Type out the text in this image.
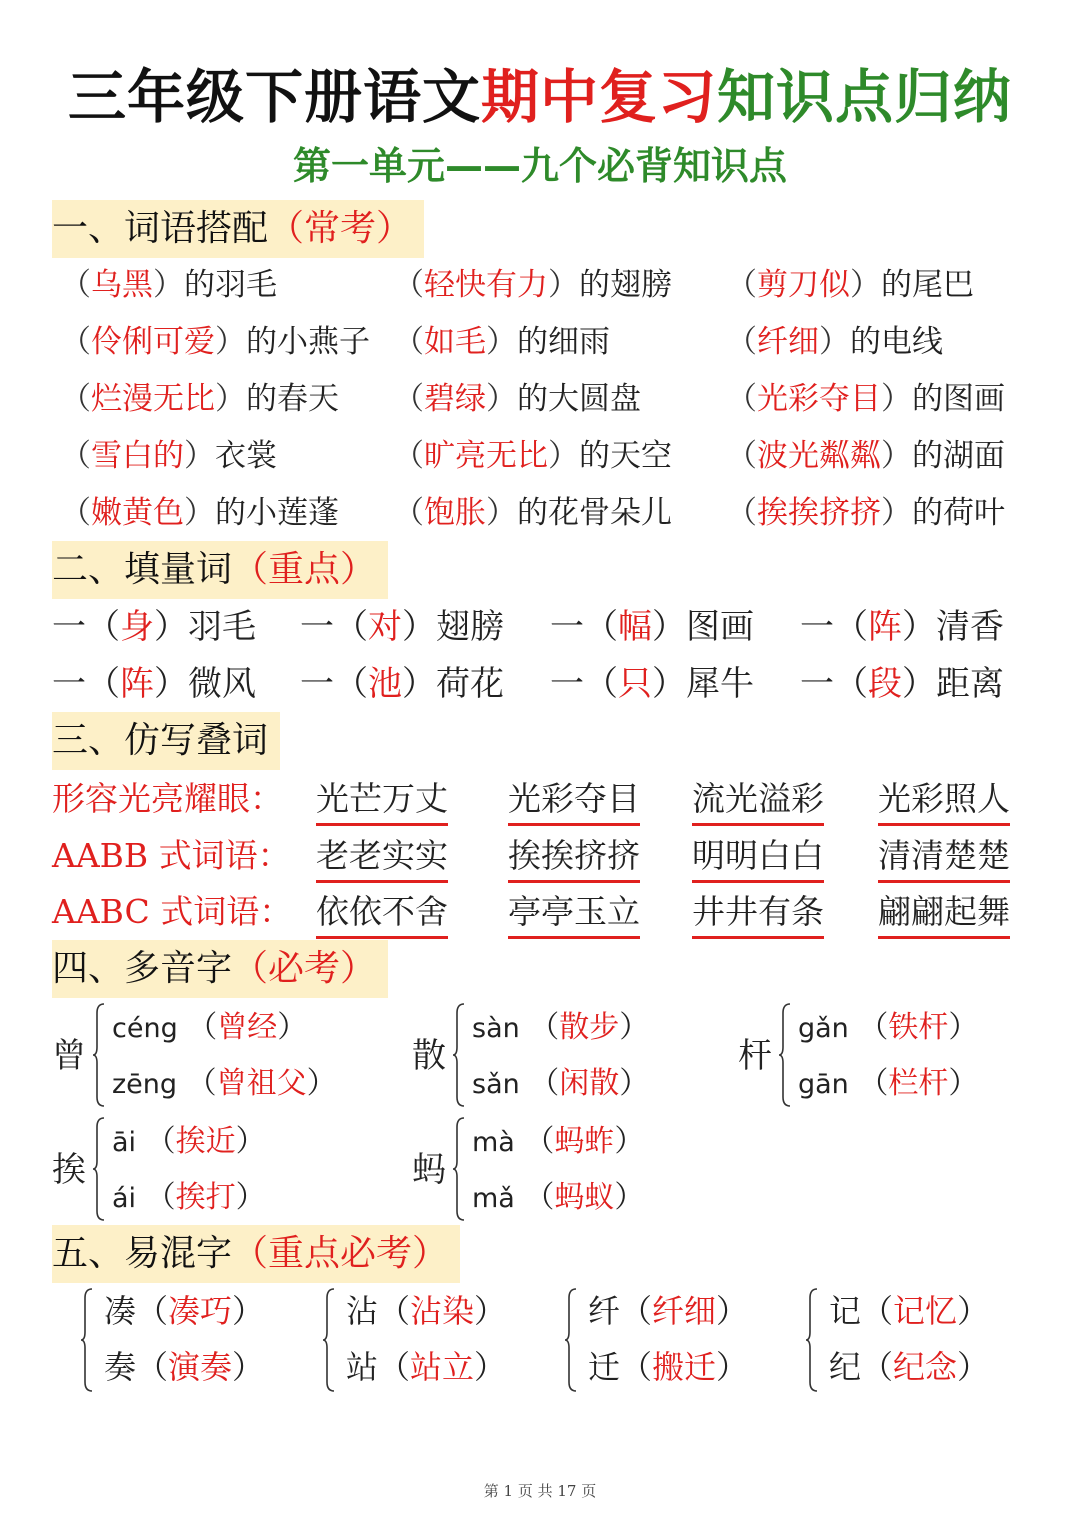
三年级下册语文期中复习知识点归纳
第一单元——九个必背知识点
一、词语搭配（常考）
（乌黑）的羽毛	（轻快有力）的翅膀 （剪刀似）的尾巴
（伶俐可爱）的小燕子 （如毛）的细雨	（纤细）的电线
（烂漫无比）的春天 （碧绿）的大圆盘	（光彩夺目）的图画
（雪白的）衣裳	（旷亮无比）的天空 （波光粼粼）的湖面
（嫩黄色）的小莲蓬 （饱胀）的花骨朵儿 （挨挨挤挤）的荷叶
二、填量词（重点）
一（身）羽毛 一（对）翅膀 一（幅）图画 一（阵）清香
一（阵）微风 一（池）荷花 一（只）犀牛 一（段）距离
三、仿写叠词
形容光亮耀眼： 光芒万丈 光彩夺目 流光溢彩 光彩照人
AABB 式词语： 老老实实 挨挨挤挤 明明白白 清清楚楚
AABC 式词语： 依依不舍 亭亭玉立 井井有条 翩翩起舞
四、多音字（必考）
曾
céng （曾经）
zēng （曾祖父）
散
sàn （散步）
sǎn （闲散）
杆
gǎn （铁杆）
gān （栏杆）
挨
āi （挨近）
ái （挨打）
蚂
mà （蚂蚱）
mǎ （蚂蚁）
五、易混字（重点必考）
凑（凑巧）
奏（演奏）
沾（沾染）
站（站立）
纤（纤细）
迁（搬迁）
记（记忆）
纪（纪念）
第 1 页 共 17 页
